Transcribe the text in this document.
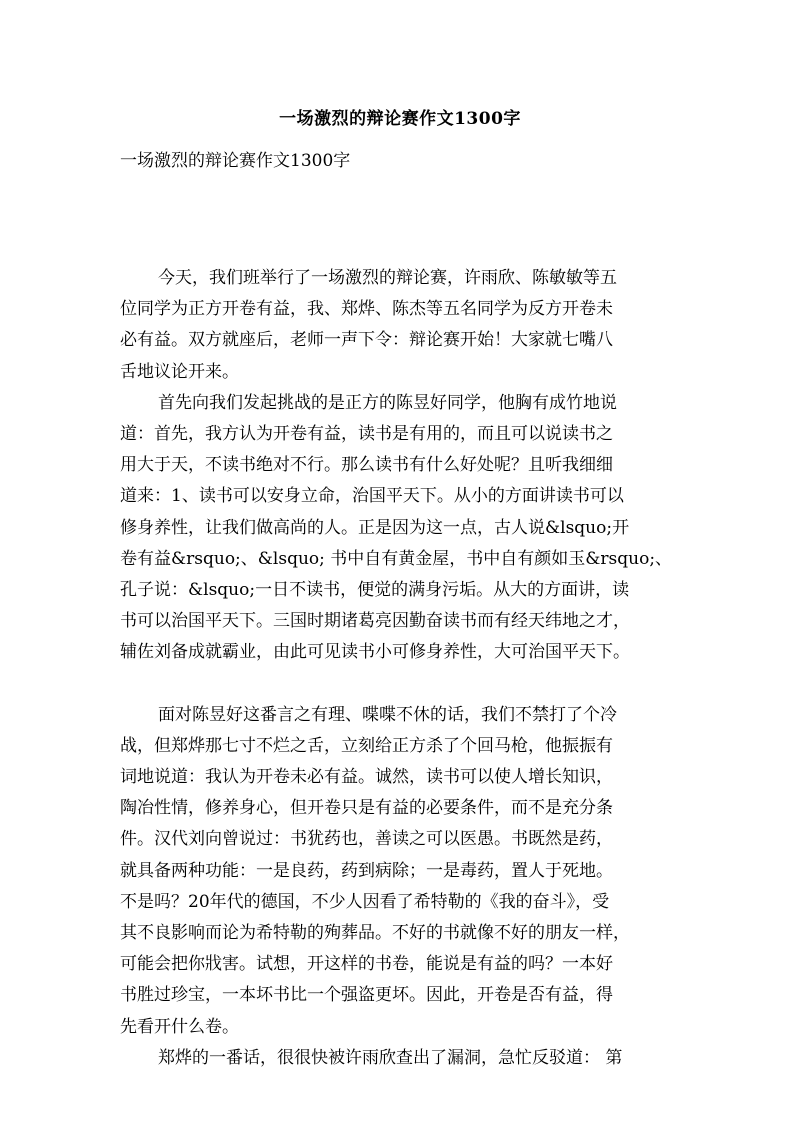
一场激烈的辩论赛作文1300字
一场激烈的辩论赛作文1300字
今天，我们班举行了一场激烈的辩论赛，许雨欣、陈敏敏等五
位同学为正方开卷有益，我、郑烨、陈杰等五名同学为反方开卷未
必有益。双方就座后，老师一声下令：辩论赛开始！大家就七嘴八
舌地议论开来。
首先向我们发起挑战的是正方的陈昱好同学，他胸有成竹地说
道：首先，我方认为开卷有益，读书是有用的，而且可以说读书之
用大于天，不读书绝对不行。那么读书有什么好处呢？且听我细细
道来：1、读书可以安身立命，治国平天下。从小的方面讲读书可以
修身养性，让我们做高尚的人。正是因为这一点，古人说&lsquo;开
卷有益&rsquo;、&lsquo; 书中自有黄金屋，书中自有颜如玉&rsquo;、
孔子说：&lsquo;一日不读书，便觉的满身污垢。从大的方面讲，读
书可以治国平天下。三国时期诸葛亮因勤奋读书而有经天纬地之才，
辅佐刘备成就霸业，由此可见读书小可修身养性，大可治国平天下。
面对陈昱好这番言之有理、喋喋不休的话，我们不禁打了个冷
战，但郑烨那七寸不烂之舌，立刻给正方杀了个回马枪，他振振有
词地说道：我认为开卷未必有益。诚然，读书可以使人增长知识，
陶冶性情，修养身心，但开卷只是有益的必要条件，而不是充分条
件。汉代刘向曾说过：书犹药也，善读之可以医愚。书既然是药，
就具备两种功能：一是良药，药到病除；一是毒药，置人于死地。
不是吗？20年代的德国，不少人因看了希特勒的《我的奋斗》，受
其不良影响而论为希特勒的殉葬品。不好的书就像不好的朋友一样，
可能会把你戕害。试想，开这样的书卷，能说是有益的吗？一本好
书胜过珍宝，一本坏书比一个强盗更坏。因此，开卷是否有益，得
先看开什么卷。
郑烨的一番话，很很快被许雨欣查出了漏洞，急忙反驳道： 第
